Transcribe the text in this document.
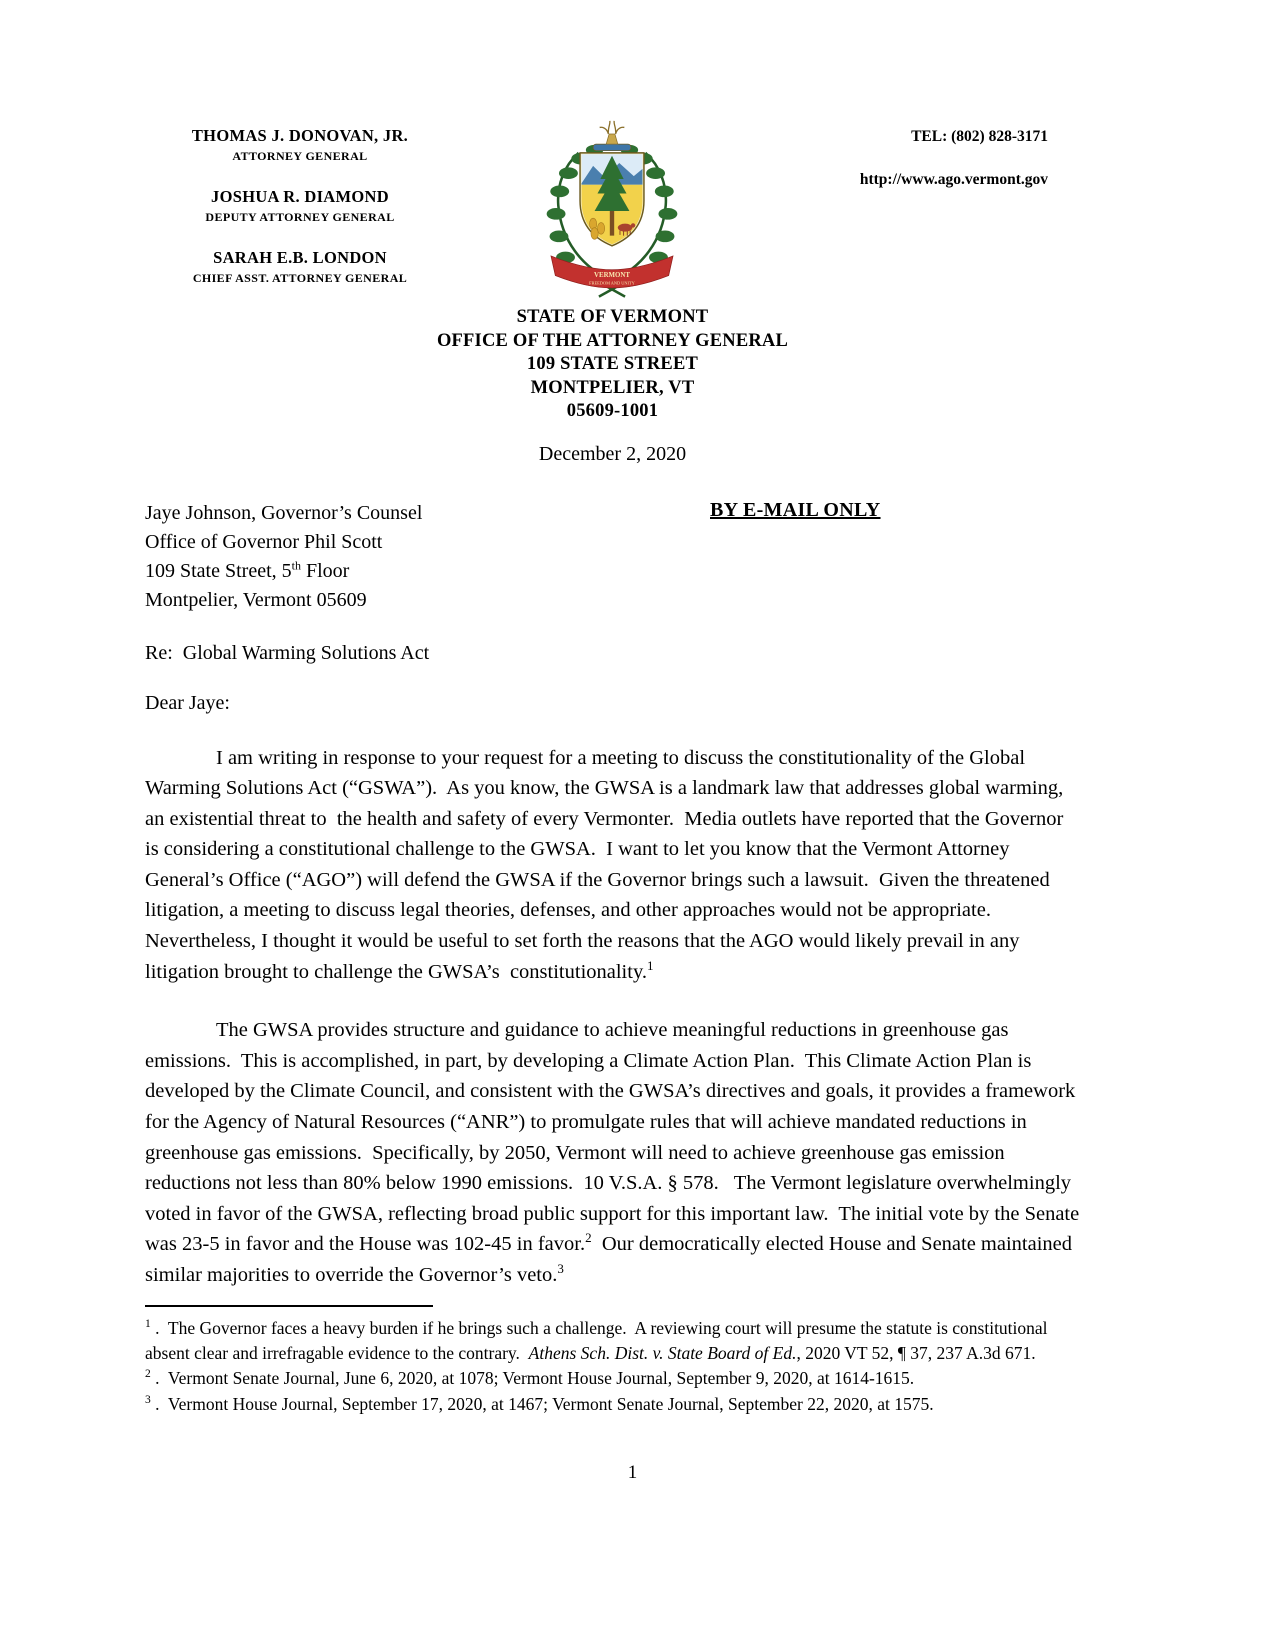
THOMAS J. DONOVAN, JR.
ATTORNEY GENERAL
JOSHUA R. DIAMOND
DEPUTY ATTORNEY GENERAL
SARAH E.B. LONDON
CHIEF ASST. ATTORNEY GENERAL	VERMONT
FREEDOM AND UNITY
TEL: (802) 828-3171
http://www.ago.vermont.gov
STATE OF VERMONT
OFFICE OF THE ATTORNEY GENERAL
109 STATE STREET
MONTPELIER, VT
05609-1001
December 2, 2020
Jaye Johnson, Governor’s Counsel
Office of Governor Phil Scott
109 State Street, 5th Floor
Montpelier, Vermont 05609
BY E-MAIL ONLY
Re:  Global Warming Solutions Act
Dear Jaye:

I am writing in response to your request for a meeting to discuss the constitutionality of the Global Warming Solutions Act (“GSWA”).  As you know, the GWSA is a landmark law that addresses global warming, an existential threat to  the health and safety of every Vermonter.  Media outlets have reported that the Governor is considering a constitutional challenge to the GWSA.  I want to let you know that the Vermont Attorney General’s Office (“AGO”) will defend the GWSA if the Governor brings such a lawsuit.  Given the threatened litigation, a meeting to discuss legal theories, defenses, and other approaches would not be appropriate.  Nevertheless, I thought it would be useful to set forth the reasons that the AGO would likely prevail in any litigation brought to challenge the GWSA’s  constitutionality.$^1$

The GWSA provides structure and guidance to achieve meaningful reductions in greenhouse gas emissions.  This is accomplished, in part, by developing a Climate Action Plan.  This Climate Action Plan is developed by the Climate Council, and consistent with the GWSA’s directives and goals, it provides a framework for the Agency of Natural Resources (“ANR”) to promulgate rules that will achieve mandated reductions in greenhouse gas emissions.  Specifically, by 2050, Vermont will need to achieve greenhouse gas emission reductions not less than 80% below 1990 emissions.  10 V.S.A. § 578.   The Vermont legislature overwhelmingly voted in favor of the GWSA, reflecting broad public support for this important law.  The initial vote by the Senate was 23-5 in favor and the House was 102-45 in favor.$^2$  Our democratically elected House and Senate maintained similar majorities to override the Governor’s veto.$^3$

$^1$ .  The Governor faces a heavy burden if he brings such a challenge.  A reviewing court will presume the statute is constitutional absent clear and irrefragable evidence to the contrary.  Athens Sch. Dist. v. State Board of Ed., 2020 VT 52, ¶ 37, 237 A.3d 671.
$^2$ .  Vermont Senate Journal, June 6, 2020, at 1078; Vermont House Journal, September 9, 2020, at 1614-1615.
$^3$ .  Vermont House Journal, September 17, 2020, at 1467; Vermont Senate Journal, September 22, 2020, at 1575.
1
